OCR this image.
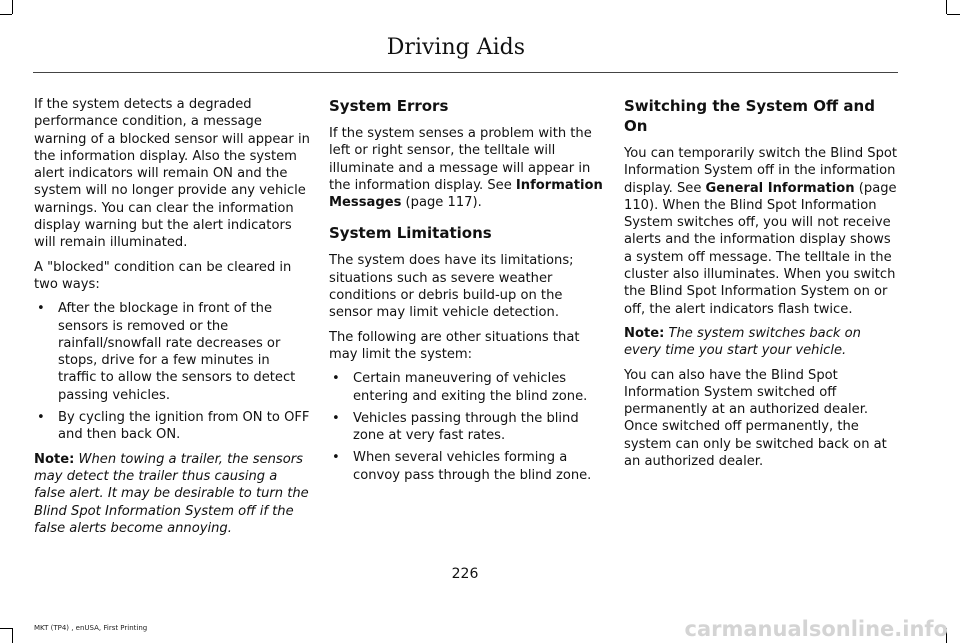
Driving Aids

If the system detects a degraded performance condition, a message warning of a blocked sensor will appear in the information display. Also the system alert indicators will remain ON and the system will no longer provide any vehicle warnings. You can clear the information display warning but the alert indicators will remain illuminated.

A "blocked" condition can be cleared in two ways:

• After the blockage in front of the sensors is removed or the rainfall/snowfall rate decreases or stops, drive for a few minutes in traffic to allow the sensors to detect passing vehicles.
• By cycling the ignition from ON to OFF and then back ON.

Note: When towing a trailer, the sensors may detect the trailer thus causing a false alert. It may be desirable to turn the Blind Spot Information System off if the false alerts become annoying.

System Errors

If the system senses a problem with the left or right sensor, the telltale will illuminate and a message will appear in the information display. See Information Messages (page 117).

System Limitations

The system does have its limitations; situations such as severe weather conditions or debris build-up on the sensor may limit vehicle detection.

The following are other situations that may limit the system:

• Certain maneuvering of vehicles entering and exiting the blind zone.
• Vehicles passing through the blind zone at very fast rates.
• When several vehicles forming a convoy pass through the blind zone.
Switching the System Off and On

You can temporarily switch the Blind Spot Information System off in the information display. See General Information (page 110). When the Blind Spot Information System switches off, you will not receive alerts and the information display shows a system off message. The telltale in the cluster also illuminates. When you switch the Blind Spot Information System on or off, the alert indicators flash twice.

Note: The system switches back on every time you start your vehicle.

You can also have the Blind Spot Information System switched off permanently at an authorized dealer. Once switched off permanently, the system can only be switched back on at an authorized dealer.

226
MKT (TP4) , enUSA, First Printing	carmanualsonline.info
